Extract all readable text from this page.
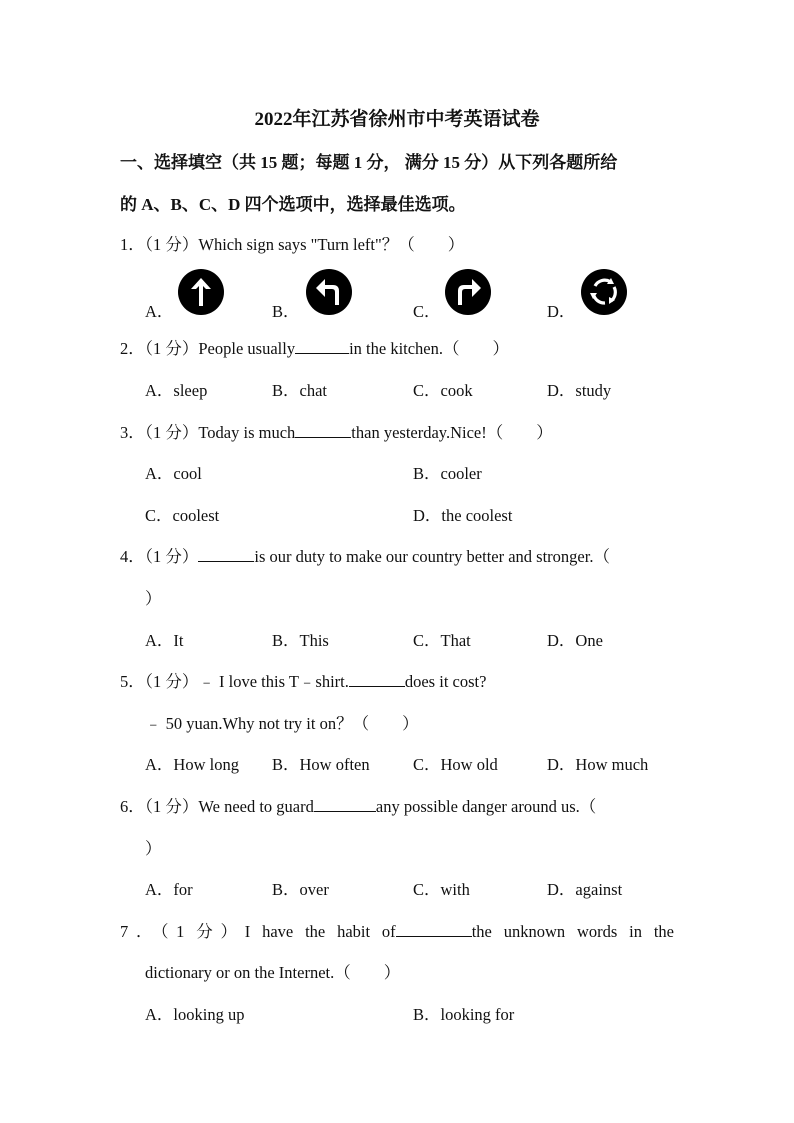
2022年江苏省徐州市中考英语试卷
一、选择填空（共 15 题；每题 1 分， 满分 15 分）从下列各题所给
的 A、B、C、D 四个选项中，选择最佳选项。
1．（1 分）Which sign says "Turn left"？（　　）
A．	B．	C．	D．
2．（1 分）People usually	in the kitchen.（　　）
A．sleep	B．chat	C．cook	D．study
3．（1 分）Today is much	than yesterday.Nice!（　　）
A．cool	B．cooler
C．coolest	D．the coolest
4．（1 分）	is our duty to make our country better and stronger.（
）
A．It	B．This	C．That	D．One
5．（1 分）﹣ I love this T﹣shirt.	does it cost?
﹣ 50 yuan.Why not try it on？（　　）
A．How long B．How often	C．How old	D．How much
6．（1 分）We need to guard	any possible danger around us.（
）
A．for	B．over	C．with	D．against
7．（1 分）I have the habit of	the unknown words in the
dictionary or on the Internet.（　　）
A．looking up	B．looking for
